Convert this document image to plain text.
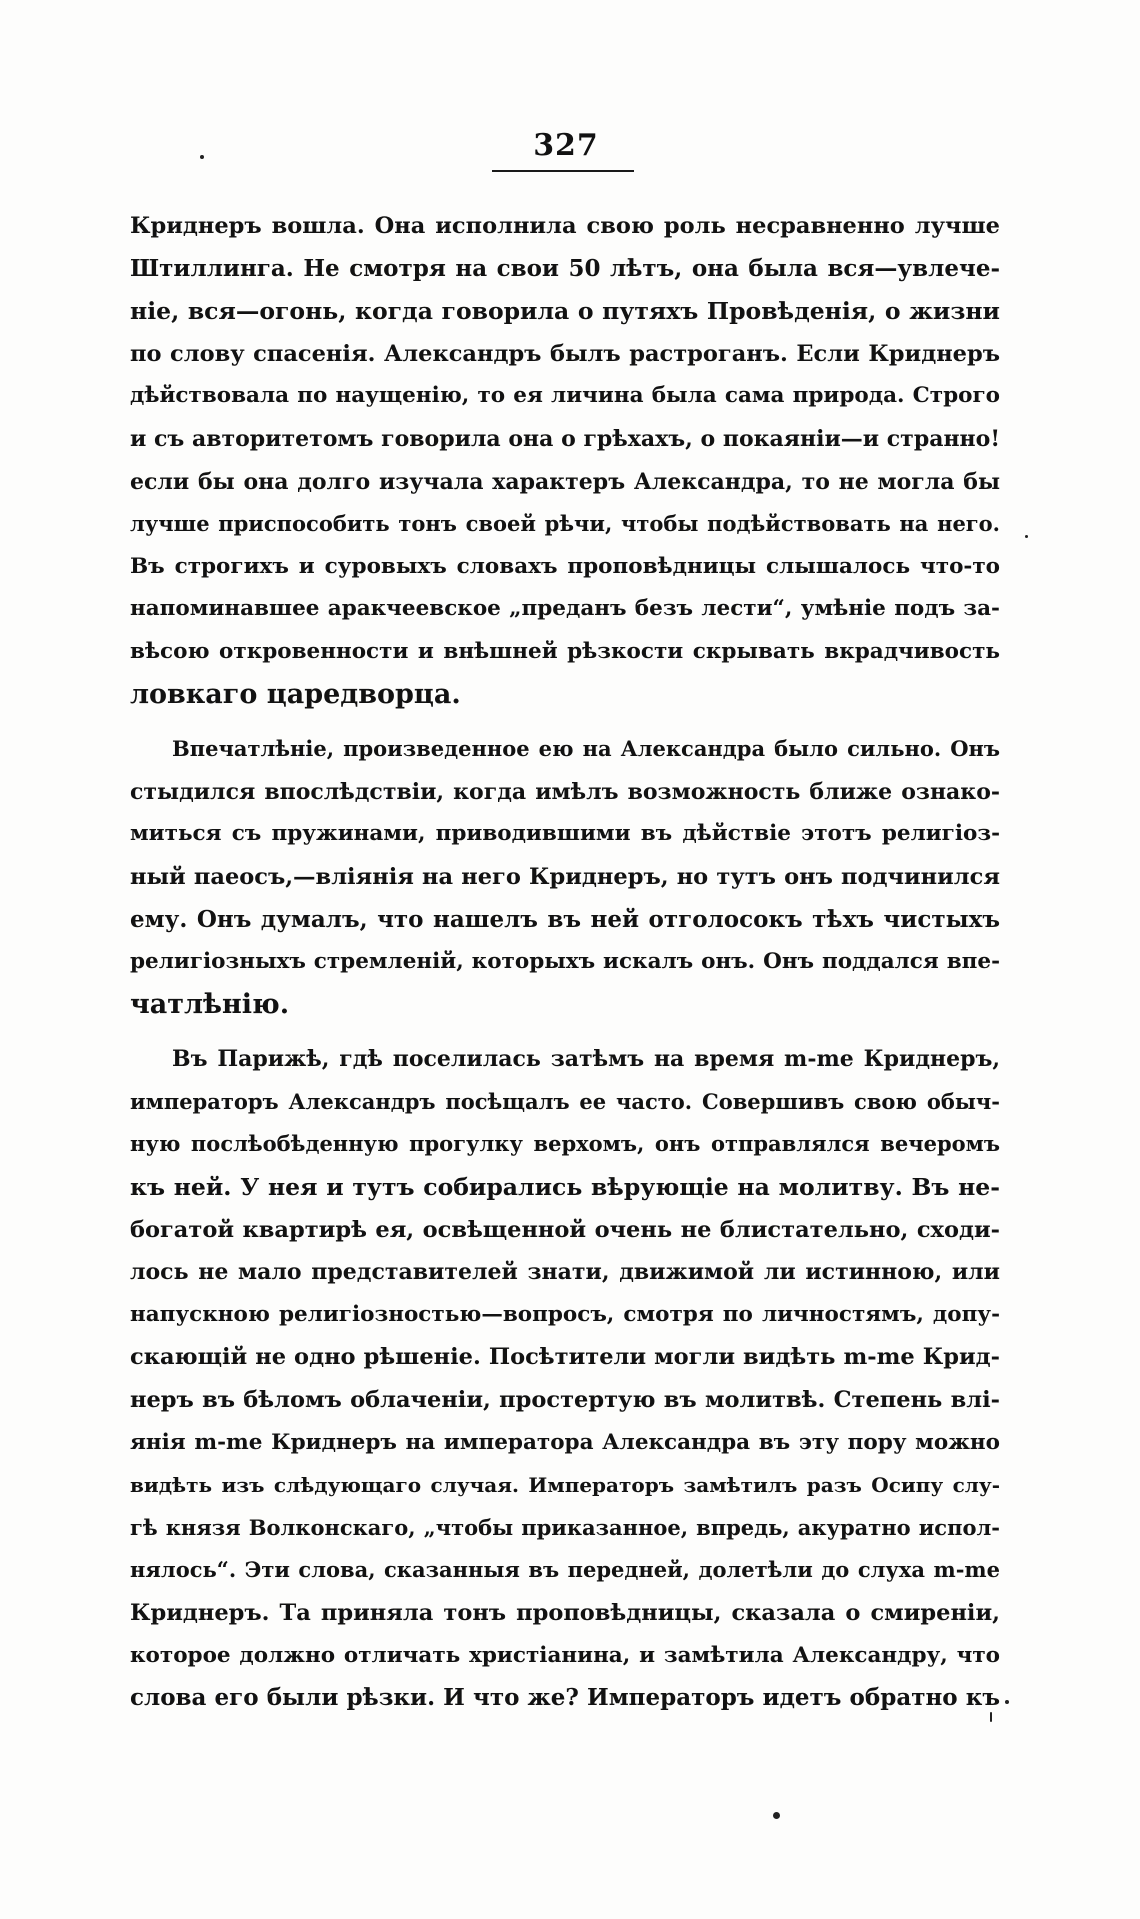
327
Криднеръ вошла. Она исполнила свою роль несравненно лучше
Штиллинга. Не смотря на свои 50 лѣтъ, она была вся—увлече-
ніе, вся—огонь, когда говорила о путяхъ Провѣденія, о жизни
по слову спасенія. Александръ былъ растроганъ. Если Криднеръ
дѣйствовала по наущенію, то ея личина была сама природа. Строго
и съ авторитетомъ говорила она о грѣхахъ, о покаяніи—и странно!
если бы она долго изучала характеръ Александра, то не могла бы
лучше приспособить тонъ своей рѣчи, чтобы подѣйствовать на него.
Въ строгихъ и суровыхъ словахъ проповѣдницы слышалось что-то
напоминавшее аракчеевское „преданъ безъ лести“, умѣніе подъ за-
вѣсою откровенности и внѣшней рѣзкости скрывать вкрадчивость
ловкаго царедворца.
Впечатлѣніе, произведенное ею на Александра было сильно. Онъ
стыдился впослѣдствіи, когда имѣлъ возможность ближе ознако-
миться съ пружинами, приводившими въ дѣйствіе этотъ религіоз-
ный паеосъ,—вліянія на него Криднеръ, но тутъ онъ подчинился
ему. Онъ думалъ, что нашелъ въ ней отголосокъ тѣхъ чистыхъ
религіозныхъ стремленій, которыхъ искалъ онъ. Онъ поддался впе-
чатлѣнію.
Въ Парижѣ, гдѣ поселилась затѣмъ на время m-me Криднеръ,
императоръ Александръ посѣщалъ ее часто. Совершивъ свою обыч-
ную послѣобѣденную прогулку верхомъ, онъ отправлялся вечеромъ
къ ней. У нея и тутъ собирались вѣрующіе на молитву. Въ не-
богатой квартирѣ ея, освѣщенной очень не блистательно, сходи-
лось не мало представителей знати, движимой ли истинною, или
напускною религіозностью—вопросъ, смотря по личностямъ, допу-
скающій не одно рѣшеніе. Посѣтители могли видѣть m-me Крид-
неръ въ бѣломъ облаченіи, простертую въ молитвѣ. Степень влі-
янія m-me Криднеръ на императора Александра въ эту пору можно
видѣть изъ слѣдующаго случая. Императоръ замѣтилъ разъ Осипу слу-
гѣ князя Волконскаго, „чтобы приказанное, впредь, акуратно испол-
нялось“. Эти слова, сказанныя въ передней, долетѣли до слуха m-me
Криднеръ. Та приняла тонъ проповѣдницы, сказала о смиреніи,
которое должно отличать христіанина, и замѣтила Александру, что
слова его были рѣзки. И что же? Императоръ идетъ обратно къ
